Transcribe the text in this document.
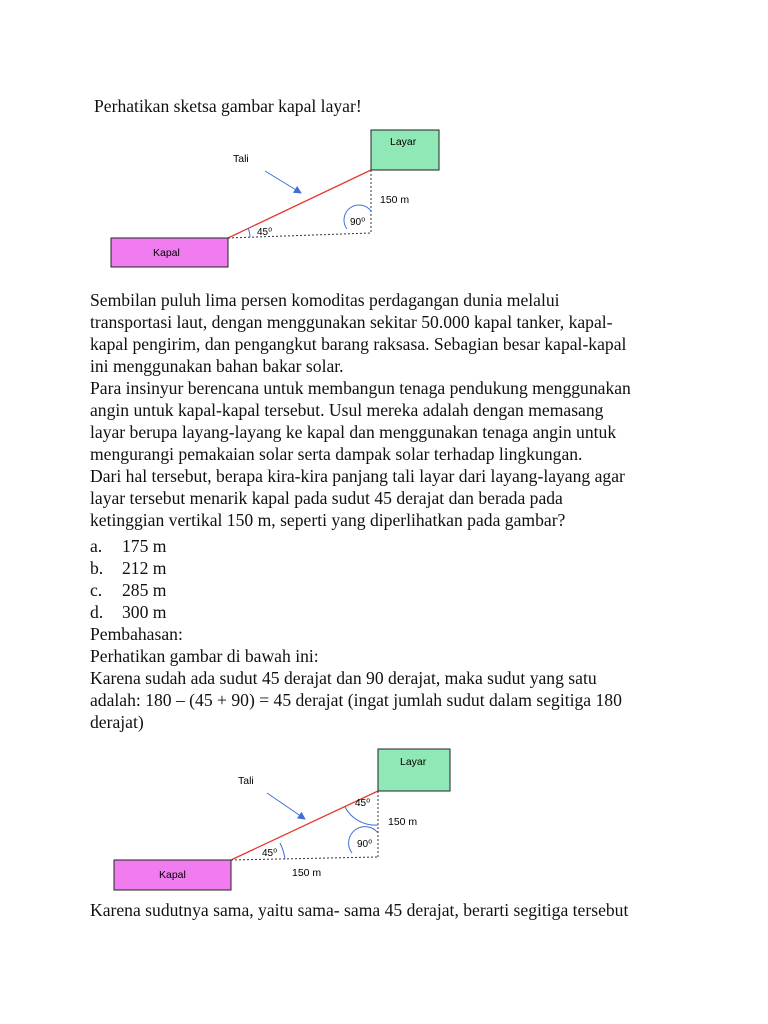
Perhatikan sketsa gambar kapal layar!
Layar
Kapal
45⁰
90⁰
150 m
Tali
Sembilan puluh lima persen komoditas perdagangan dunia melalui
transportasi laut, dengan menggunakan sekitar 50.000 kapal tanker, kapal-
kapal pengirim, dan pengangkut barang raksasa. Sebagian besar kapal-kapal
ini menggunakan bahan bakar solar.
Para insinyur berencana untuk membangun tenaga pendukung menggunakan
angin untuk kapal-kapal tersebut. Usul mereka adalah dengan memasang
layar berupa layang-layang ke kapal dan menggunakan tenaga angin untuk
mengurangi pemakaian solar serta dampak solar terhadap lingkungan.
Dari hal tersebut, berapa kira-kira panjang tali layar dari layang-layang agar
layar tersebut menarik kapal pada sudut 45 derajat dan berada pada
ketinggian vertikal 150 m, seperti yang diperlihatkan pada gambar?
a. 175 m
b. 212 m
c. 285 m
d. 300 m
Pembahasan:
Perhatikan gambar di bawah ini:
Karena sudah ada sudut 45 derajat dan 90 derajat, maka sudut yang satu
adalah: 180 – (45 + 90) = 45 derajat (ingat jumlah sudut dalam segitiga 180
derajat)
Layar
Kapal
45⁰
45⁰
90⁰
150 m
150 m
Tali
Karena sudutnya sama, yaitu sama- sama 45 derajat, berarti segitiga tersebut
